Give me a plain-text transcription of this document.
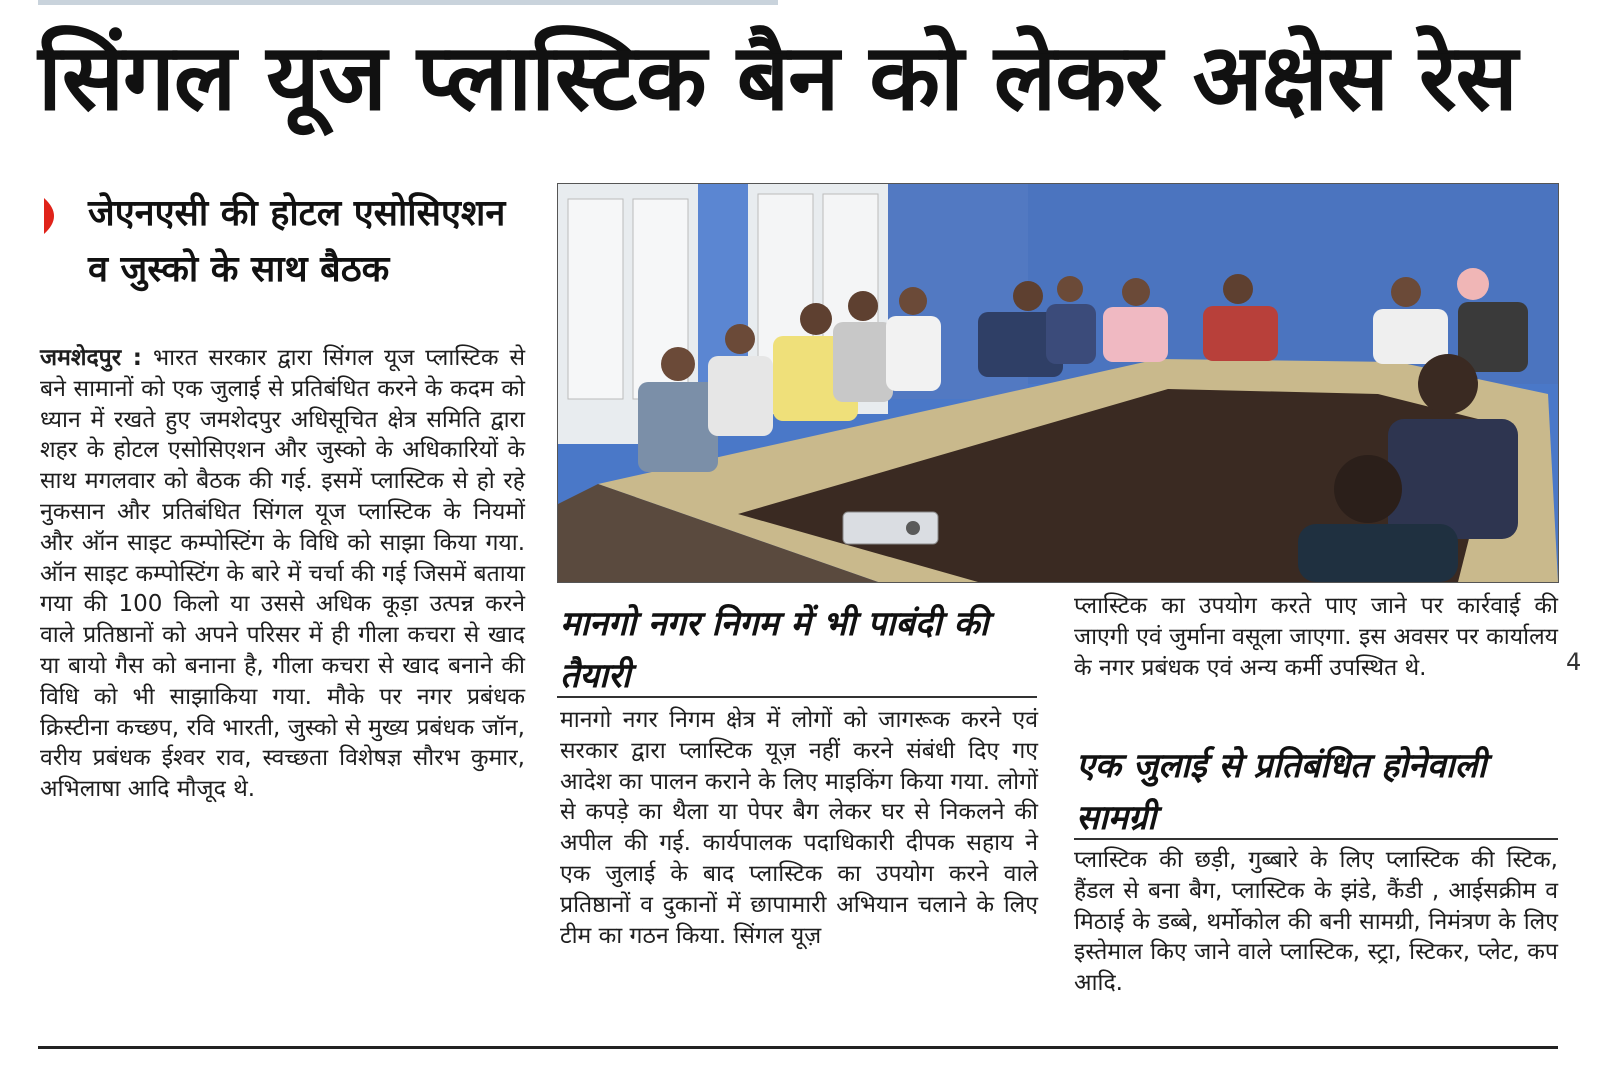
सिंगल यूज प्लास्टिक बैन को लेकर अक्षेस रेस
जेएनएसी की होटल एसोसिएशन व जुस्को के साथ बैठक
जमशेदपुर : भारत सरकार द्वारा सिंगल यूज प्लास्टिक से बने सामानों को एक जुलाई से प्रतिबंधित करने के कदम को ध्यान में रखते हुए जमशेदपुर अधिसूचित क्षेत्र समिति द्वारा शहर के होटल एसोसिएशन और जुस्को के अधिकारियों के साथ मगलवार को बैठक की गई. इसमें प्लास्टिक से हो रहे नुकसान और प्रतिबंधित सिंगल यूज प्लास्टिक के नियमों और ऑन साइट कम्पोस्टिंग के विधि को साझा किया गया. ऑन साइट कम्पोस्टिंग के बारे में चर्चा की गई जिसमें बताया गया की 100 किलो या उससे अधिक कूड़ा उत्पन्न करने वाले प्रतिष्ठानों को अपने परिसर में ही गीला कचरा से खाद या बायो गैस को बनाना है, गीला कचरा से खाद बनाने की विधि को भी साझाकिया गया. मौके पर नगर प्रबंधक क्रिस्टीना कच्छप, रवि भारती, जुस्को से मुख्य प्रबंधक जॉन, वरीय प्रबंधक ईश्वर राव, स्वच्छता विशेषज्ञ सौरभ कुमार, अभिलाषा आदि मौजूद थे.
मानगो नगर निगम में भी पाबंदी की तैयारी
मानगो नगर निगम क्षेत्र में लोगों को जागरूक करने एवं सरकार द्वारा प्लास्टिक यूज़ नहीं करने संबंधी दिए गए आदेश का पालन कराने के लिए माइकिंग किया गया. लोगों से कपड़े का थैला या पेपर बैग लेकर घर से निकलने की अपील की गई. कार्यपालक पदाधिकारी दीपक सहाय ने एक जुलाई के बाद प्लास्टिक का उपयोग करने वाले प्रतिष्ठानों व दुकानों में छापामारी अभियान चलाने के लिए टीम का गठन किया. सिंगल यूज़
प्लास्टिक का उपयोग करते पाए जाने पर कार्रवाई की जाएगी एवं जुर्माना वसूला जाएगा. इस अवसर पर कार्यालय के नगर प्रबंधक एवं अन्य कर्मी उपस्थित थे.
एक जुलाई से प्रतिबंधित होनेवाली सामग्री
प्लास्टिक की छड़ी, गुब्बारे के लिए प्लास्टिक की स्टिक, हैंडल से बना बैग, प्लास्टिक के झंडे, कैंडी , आईसक्रीम व मिठाई के डब्बे, थर्मोकोल की बनी सामग्री, निमंत्रण के लिए इस्तेमाल किए जाने वाले प्लास्टिक, स्ट्रा, स्टिकर, प्लेट, कप आदि.
4
